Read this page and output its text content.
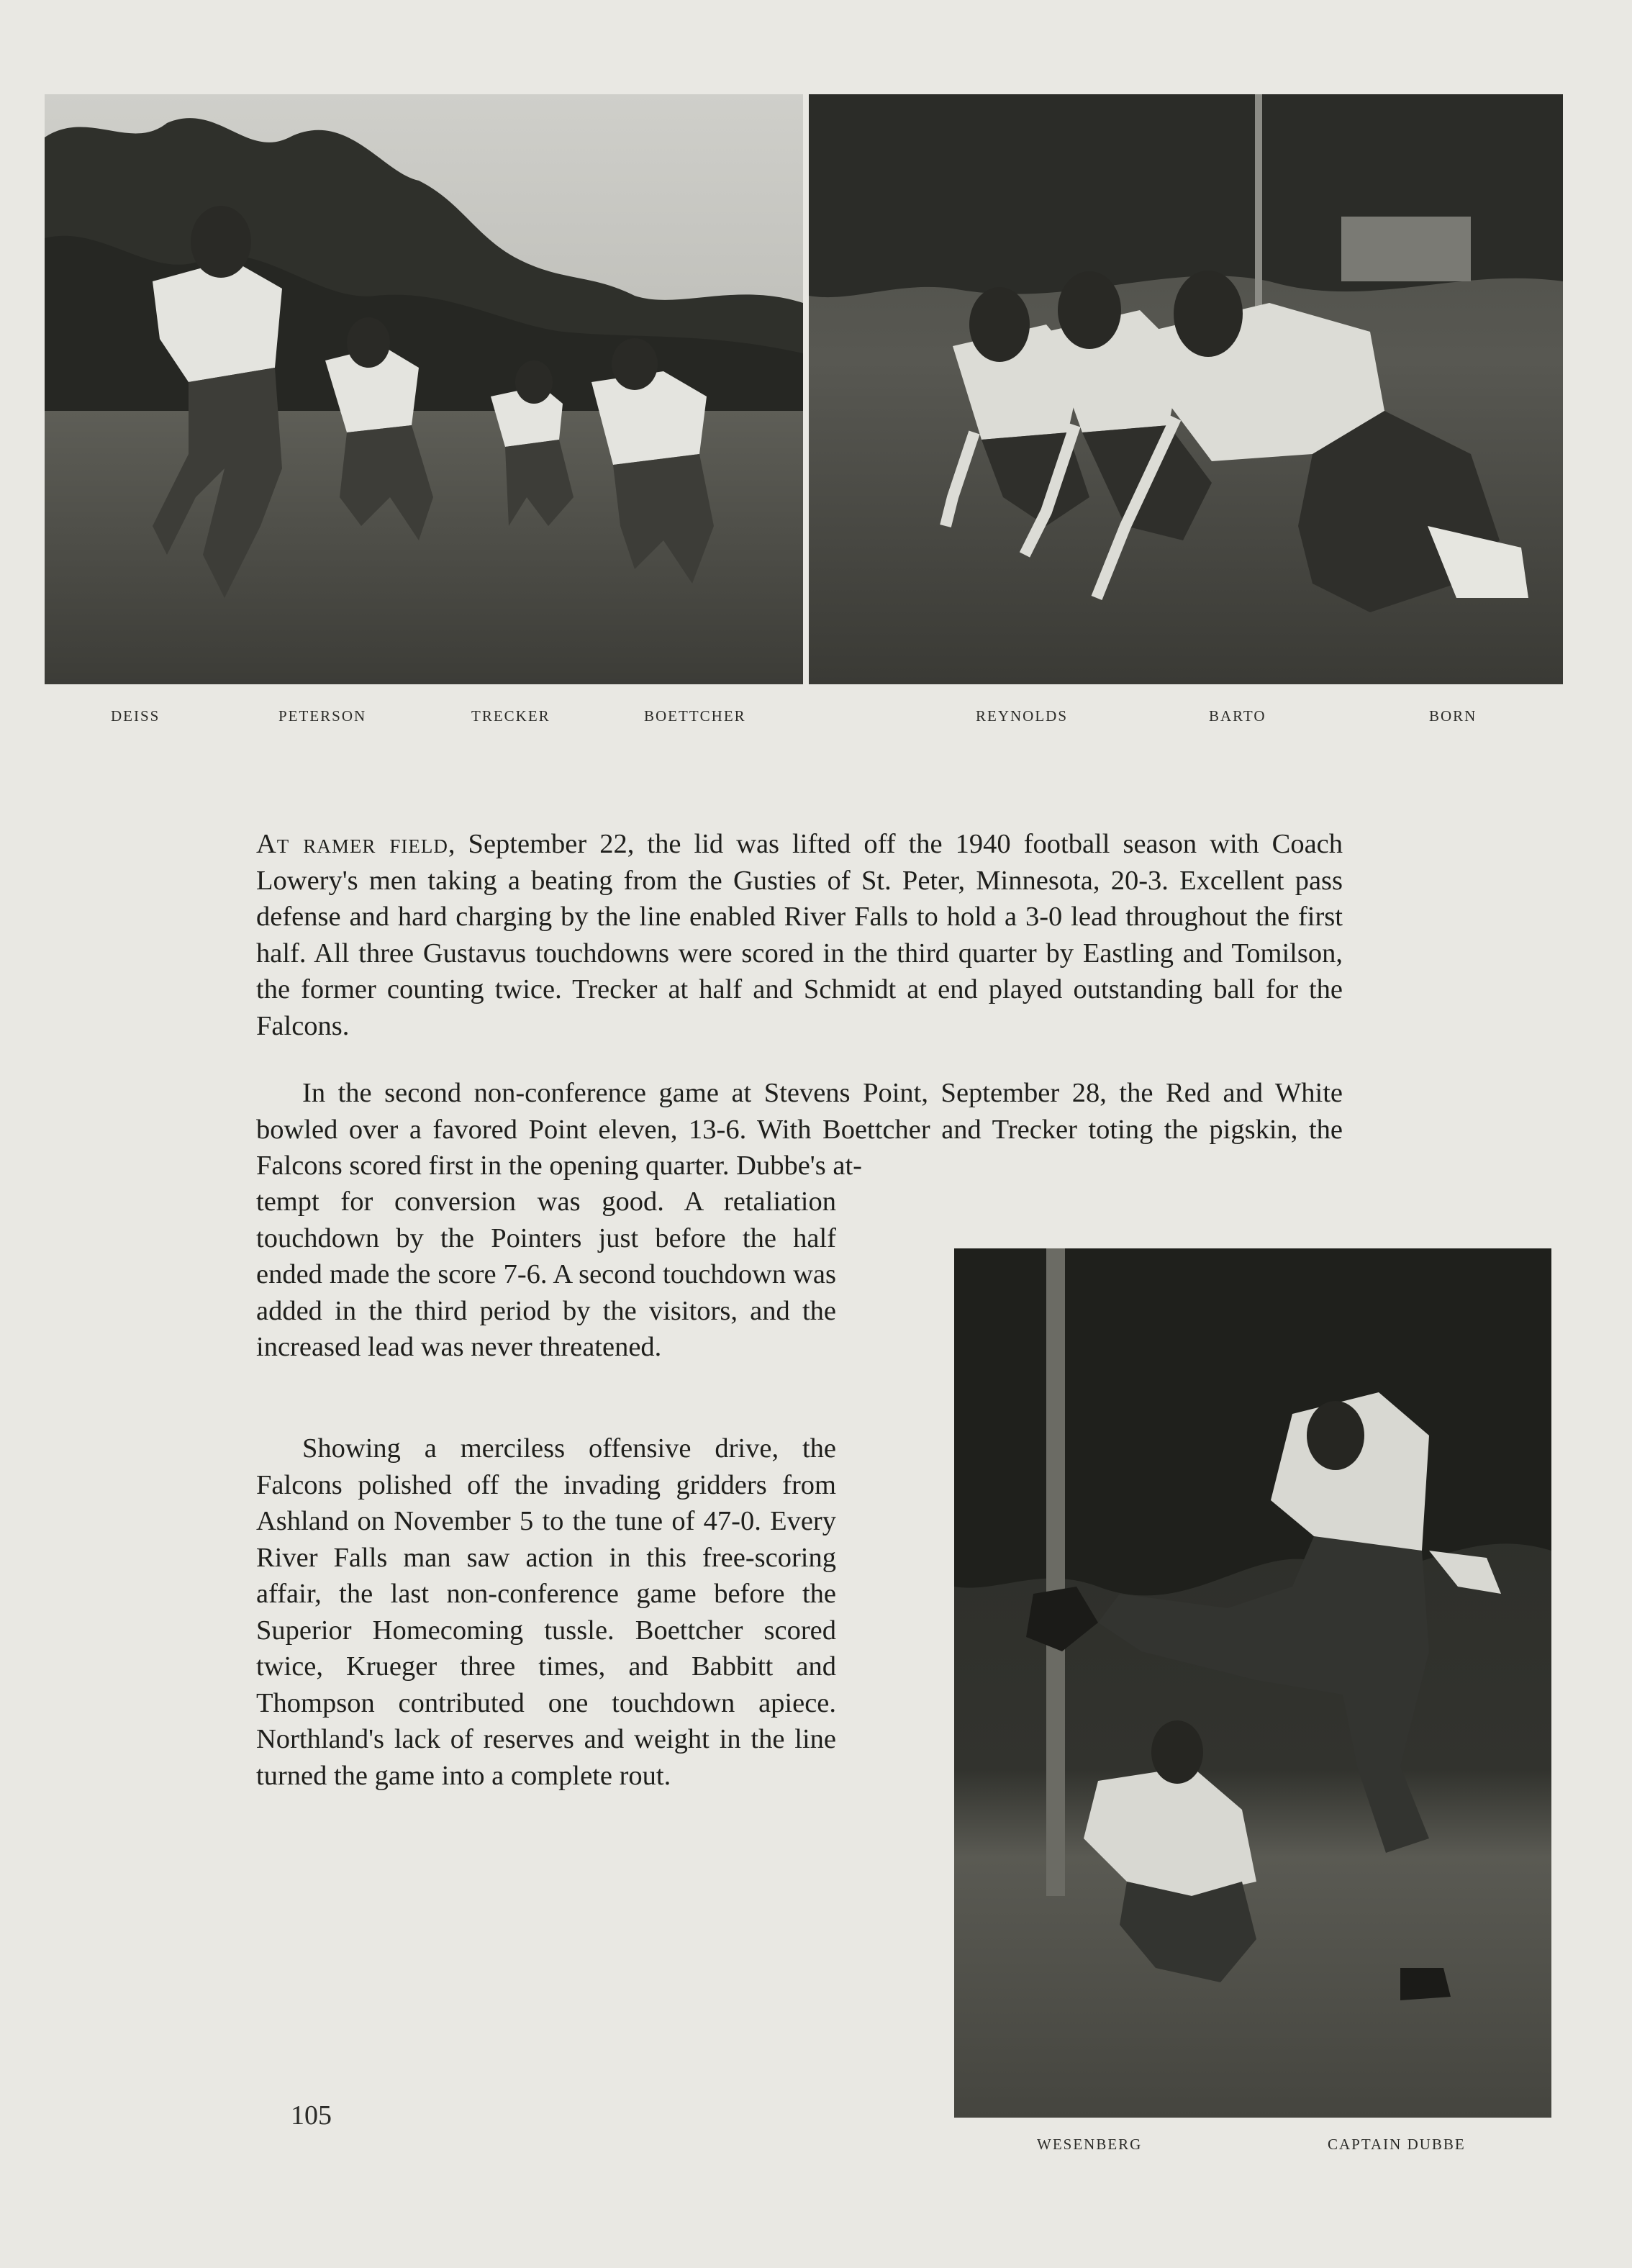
DEISS	PETERSON	TRECKER	BOETTCHER	REYNOLDS	BARTO	BORN

At ramer field, September 22, the lid was lifted off the 1940 football season with Coach Lowery's men taking a beating from the Gusties of St. Peter, Minnesota, 20-3. Excellent pass defense and hard charging by the line enabled River Falls to hold a 3-0 lead throughout the first half. All three Gustavus touchdowns were scored in the third quarter by Eastling and Tomilson, the former counting twice. Trecker at half and Schmidt at end played outstanding ball for the Falcons.

In the second non-conference game at Stevens Point, September 28, the Red and White bowled over a favored Point eleven, 13-6. With Boettcher and Trecker toting the pigskin, the Falcons scored first in the opening quarter. Dubbe's at-

tempt for conversion was good. A retaliation touchdown by the Pointers just before the half ended made the score 7-6. A second touchdown was added in the third period by the visitors, and the increased lead was never threatened.

Showing a merciless offensive drive, the Falcons polished off the invading gridders from Ashland on November 5 to the tune of 47-0. Every River Falls man saw action in this free-scoring affair, the last non-conference game before the Superior Homecoming tussle. Boettcher scored twice, Krueger three times, and Babbitt and Thompson contributed one touchdown apiece. Northland's lack of reserves and weight in the line turned the game into a complete rout.

WESENBERG	CAPTAIN DUBBE
105
